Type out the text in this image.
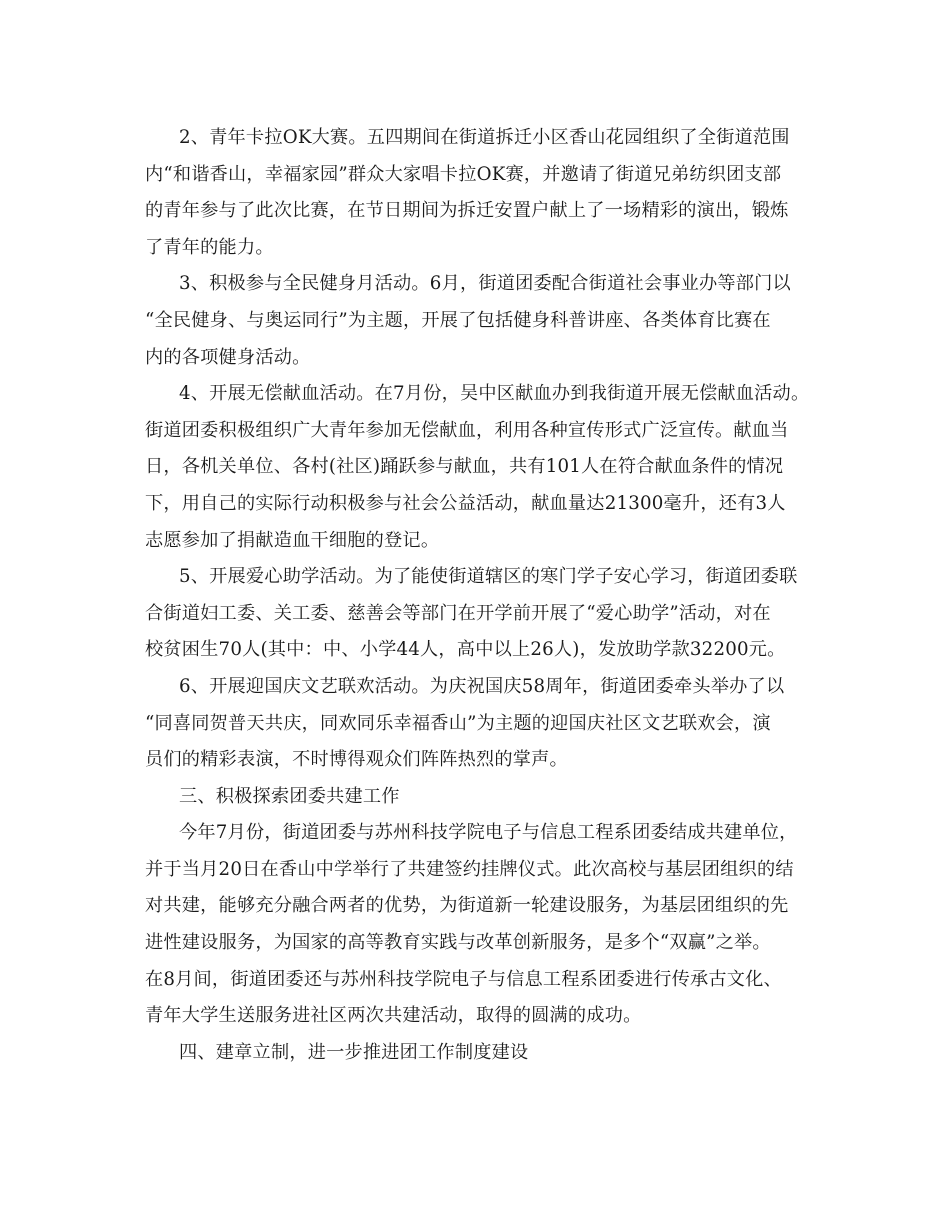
2、青年卡拉OK大赛。五四期间在街道拆迁小区香山花园组织了全街道范围
内“和谐香山，幸福家园”群众大家唱卡拉OK赛，并邀请了街道兄弟纺织团支部
的青年参与了此次比赛，在节日期间为拆迁安置户献上了一场精彩的演出，锻炼
了青年的能力。
3、积极参与全民健身月活动。6月，街道团委配合街道社会事业办等部门以
“全民健身、与奥运同行”为主题，开展了包括健身科普讲座、各类体育比赛在
内的各项健身活动。
4、开展无偿献血活动。在7月份，吴中区献血办到我街道开展无偿献血活动。
街道团委积极组织广大青年参加无偿献血，利用各种宣传形式广泛宣传。献血当
日，各机关单位、各村(社区)踊跃参与献血，共有101人在符合献血条件的情况
下，用自己的实际行动积极参与社会公益活动，献血量达21300毫升，还有3人
志愿参加了捐献造血干细胞的登记。
5、开展爱心助学活动。为了能使街道辖区的寒门学子安心学习，街道团委联
合街道妇工委、关工委、慈善会等部门在开学前开展了“爱心助学”活动，对在
校贫困生70人(其中：中、小学44人，高中以上26人)，发放助学款32200元。
6、开展迎国庆文艺联欢活动。为庆祝国庆58周年，街道团委牵头举办了以
“同喜同贺普天共庆，同欢同乐幸福香山”为主题的迎国庆社区文艺联欢会，演
员们的精彩表演，不时博得观众们阵阵热烈的掌声。
三、积极探索团委共建工作
今年7月份，街道团委与苏州科技学院电子与信息工程系团委结成共建单位，
并于当月20日在香山中学举行了共建签约挂牌仪式。此次高校与基层团组织的结
对共建，能够充分融合两者的优势，为街道新一轮建设服务，为基层团组织的先
进性建设服务，为国家的高等教育实践与改革创新服务，是多个“双赢”之举。
在8月间，街道团委还与苏州科技学院电子与信息工程系团委进行传承古文化、
青年大学生送服务进社区两次共建活动，取得的圆满的成功。
四、建章立制，进一步推进团工作制度建设
